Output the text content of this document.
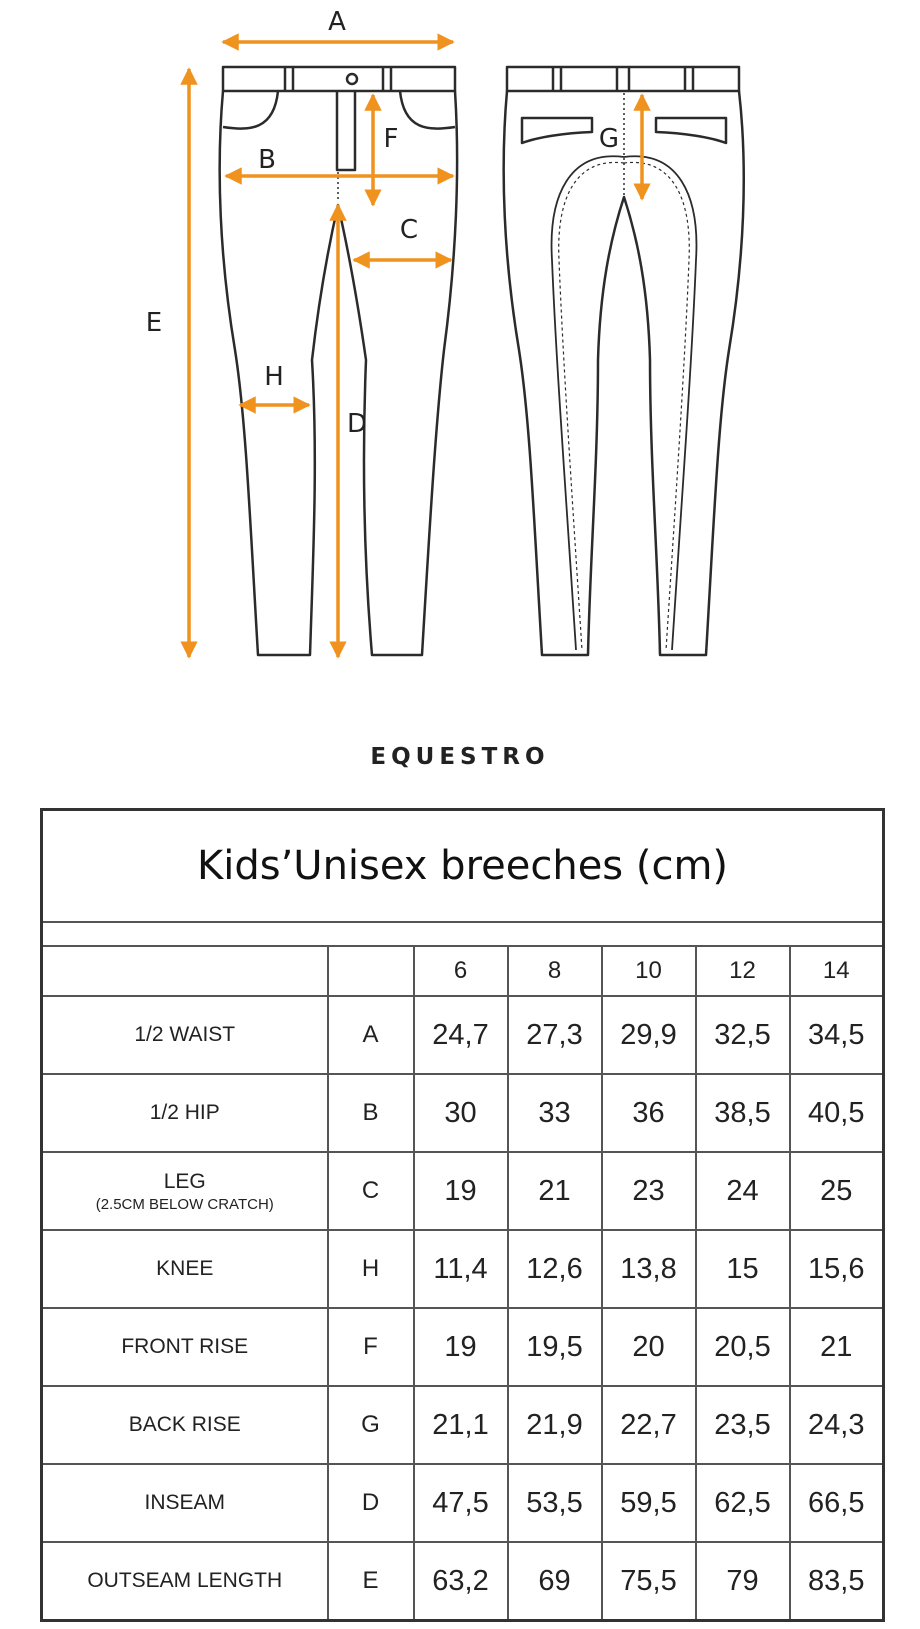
A
B
C
D
E
F	G
H
EQUESTRO
Kids’Unisex breeches (cm)						

		6	8	10	12	14
1/2 WAIST	A	24,7	27,3	29,9	32,5	34,5
1/2 HIP	B	30	33	36	38,5	40,5
LEG
(2.5CM BELOW CRATCH)	C	19	21	23	24	25
KNEE	H	11,4	12,6	13,8	15	15,6
FRONT RISE	F	19	19,5	20	20,5	21
BACK RISE	G	21,1	21,9	22,7	23,5	24,3
INSEAM	D	47,5	53,5	59,5	62,5	66,5
OUTSEAM LENGTH	E	63,2	69	75,5	79	83,5
